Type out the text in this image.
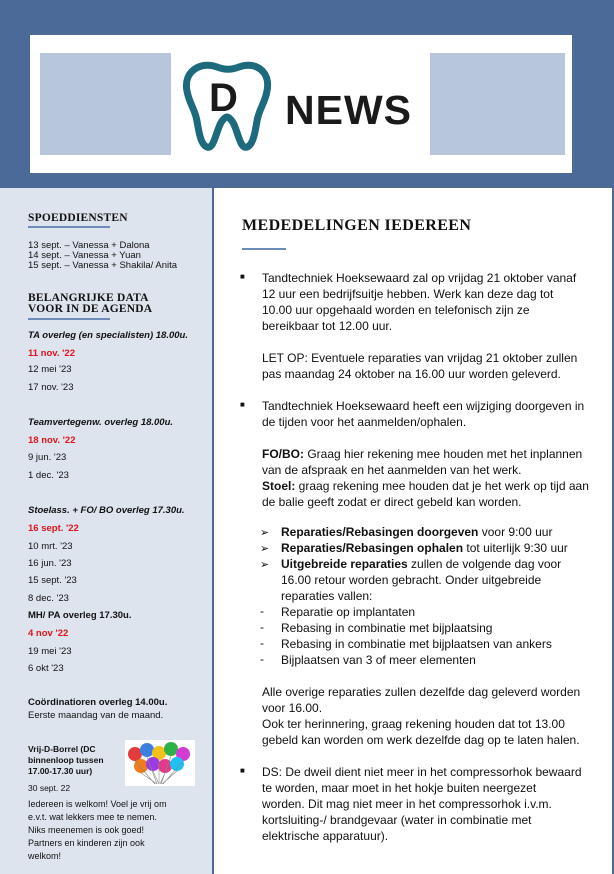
D NEWS
SPOEDDIENSTEN
13 sept. – Vanessa + Dalona
14 sept. – Vanessa + Yuan
15 sept. – Vanessa + Shakila/ Anita
BELANGRIJKE DATA
VOOR IN DE AGENDA
TA overleg (en specialisten) 18.00u.
11 nov. '22
12 mei '23
17 nov. '23
Teamvertegenw. overleg 18.00u.
18 nov. '22
9 jun. '23
1 dec. '23
Stoelass. + FO/ BO overleg 17.30u.
16 sept. '22
10 mrt. '23
16 jun. '23
15 sept. '23
8 dec. '23
MH/ PA overleg 17.30u.
4 nov '22
19 mei '23
6 okt '23
Coördinatioren overleg 14.00u.
Eerste maandag van de maand.
Vrij-D-Borrel (DC
binnenloop tussen
17.00-17.30 uur)
30 sept. 22
Iedereen is welkom! Voel je vrij om
e.v.t. wat lekkers mee te nemen.
Niks meenemen is ook goed!
Partners en kinderen zijn ook
welkom!
MEDEDELINGEN IEDEREEN
■ Tandtechniek Hoeksewaard zal op vrijdag 21 oktober vanaf
12 uur een bedrijfsuitje hebben. Werk kan deze dag tot
10.00 uur opgehaald worden en telefonisch zijn ze
bereikbaar tot 12.00 uur.
LET OP: Eventuele reparaties van vrijdag 21 oktober zullen
pas maandag 24 oktober na 16.00 uur worden geleverd.
■ Tandtechniek Hoeksewaard heeft een wijziging doorgeven in
de tijden voor het aanmelden/ophalen.
FO/BO: Graag hier rekening mee houden met het inplannen
van de afspraak en het aanmelden van het werk.
Stoel: graag rekening mee houden dat je het werk op tijd aan
de balie geeft zodat er direct gebeld kan worden.
➢ Reparaties/Rebasingen doorgeven voor 9:00 uur
➢ Reparaties/Rebasingen ophalen tot uiterlijk 9:30 uur
➢ Uitgebreide reparaties zullen de volgende dag voor
16.00 retour worden gebracht. Onder uitgebreide
reparaties vallen:
- Reparatie op implantaten
- Rebasing in combinatie met bijplaatsing
- Rebasing in combinatie met bijplaatsen van ankers
- Bijplaatsen van 3 of meer elementen
Alle overige reparaties zullen dezelfde dag geleverd worden
voor 16.00.
Ook ter herinnering, graag rekening houden dat tot 13.00
gebeld kan worden om werk dezelfde dag op te laten halen.
■ DS: De dweil dient niet meer in het compressorhok bewaard
te worden, maar moet in het hokje buiten neergezet
worden. Dit mag niet meer in het compressorhok i.v.m.
kortsluiting-/ brandgevaar (water in combinatie met
elektrische apparatuur).
